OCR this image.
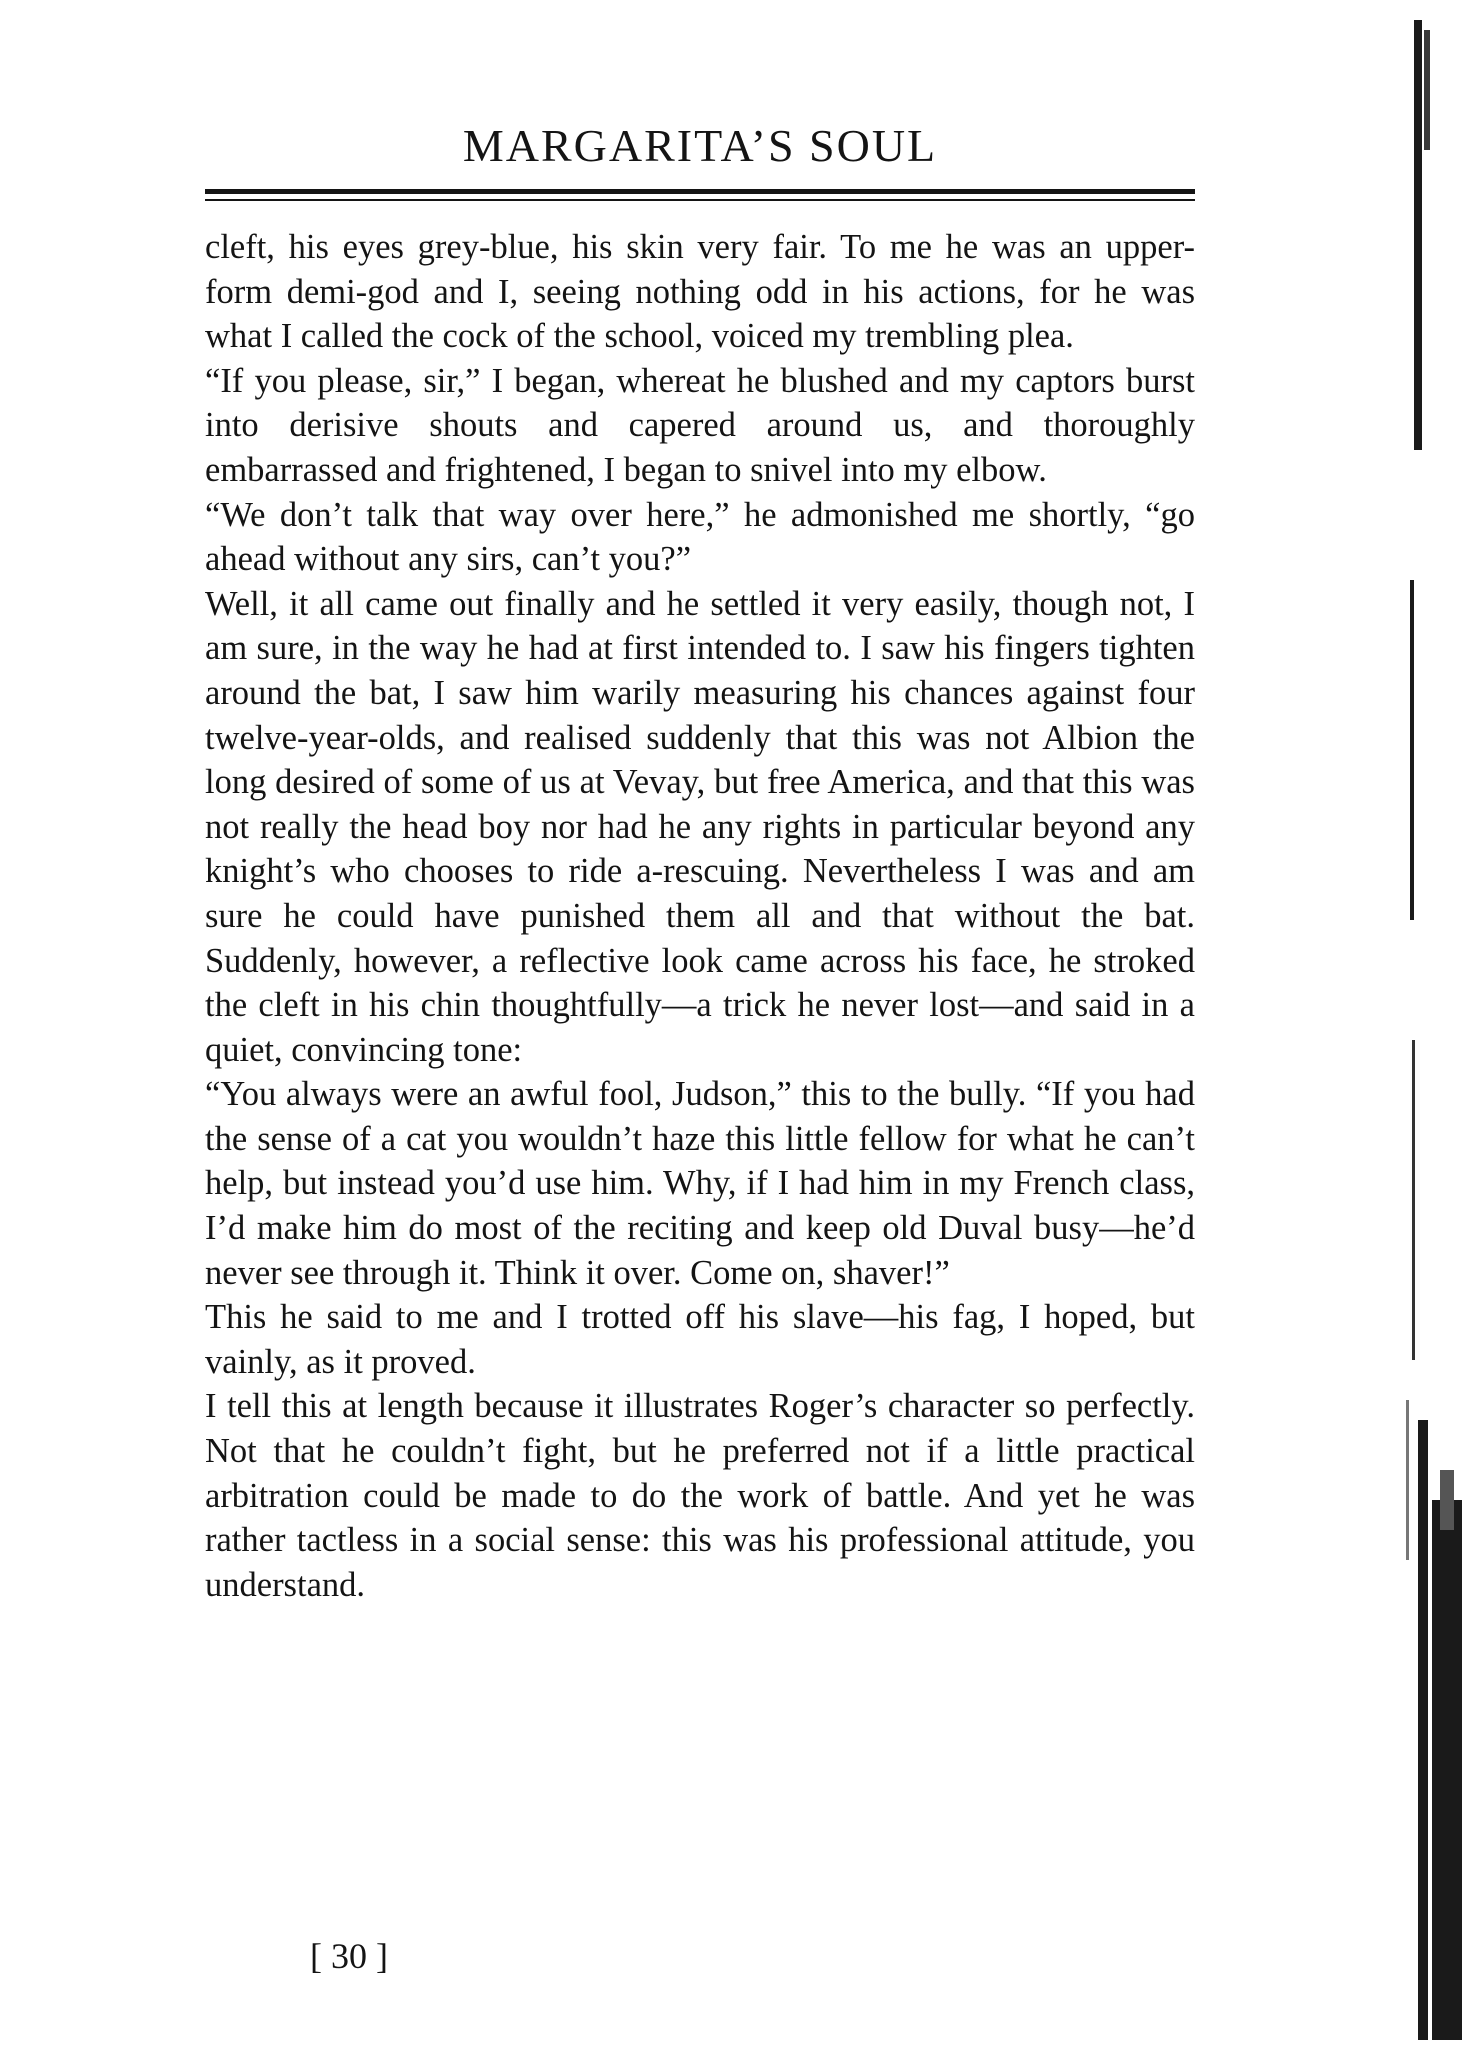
MARGARITA’S SOUL

cleft, his eyes grey-blue, his skin very fair. To me he was an upper-form demi-god and I, seeing nothing odd in his actions, for he was what I called the cock of the school, voiced my trembling plea.

“If you please, sir,” I began, whereat he blushed and my captors burst into derisive shouts and capered around us, and thoroughly embarrassed and frightened, I began to snivel into my elbow.

“We don’t talk that way over here,” he admonished me shortly, “go ahead without any sirs, can’t you?”

Well, it all came out finally and he settled it very easily, though not, I am sure, in the way he had at first intended to. I saw his fingers tighten around the bat, I saw him warily measuring his chances against four twelve-year-olds, and realised suddenly that this was not Albion the long desired of some of us at Vevay, but free America, and that this was not really the head boy nor had he any rights in particular beyond any knight’s who chooses to ride a-rescuing. Nevertheless I was and am sure he could have punished them all and that without the bat. Suddenly, however, a reflective look came across his face, he stroked the cleft in his chin thoughtfully—a trick he never lost—and said in a quiet, convincing tone:

“You always were an awful fool, Judson,” this to the bully. “If you had the sense of a cat you wouldn’t haze this little fellow for what he can’t help, but instead you’d use him. Why, if I had him in my French class, I’d make him do most of the reciting and keep old Duval busy—he’d never see through it. Think it over. Come on, shaver!”

This he said to me and I trotted off his slave—his fag, I hoped, but vainly, as it proved.

I tell this at length because it illustrates Roger’s character so perfectly. Not that he couldn’t fight, but he preferred not if a little practical arbitration could be made to do the work of battle. And yet he was rather tactless in a social sense: this was his professional attitude, you understand.

[ 30 ]
